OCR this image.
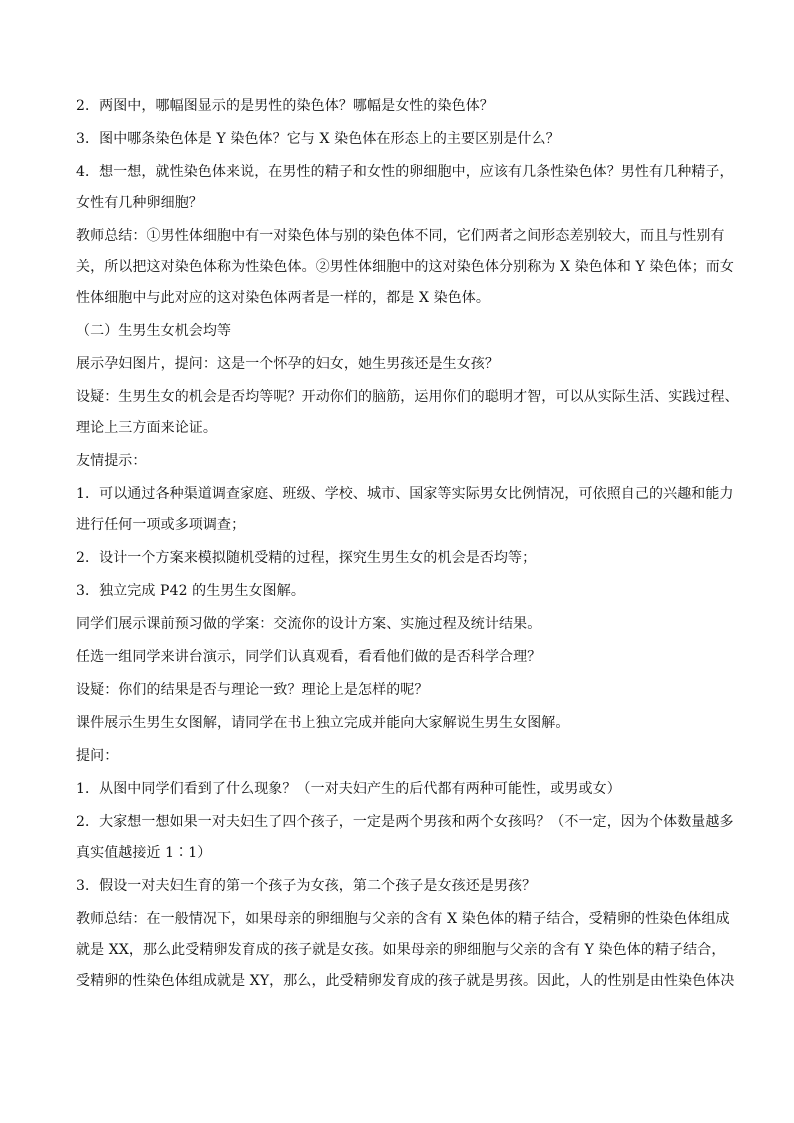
2．两图中，哪幅图显示的是男性的染色体？哪幅是女性的染色体？

3．图中哪条染色体是 Y 染色体？它与 X 染色体在形态上的主要区别是什么？

4．想一想，就性染色体来说，在男性的精子和女性的卵细胞中，应该有几条性染色体？男性有几种精子，

女性有几种卵细胞？

教师总结：①男性体细胞中有一对染色体与别的染色体不同，它们两者之间形态差别较大，而且与性别有

关，所以把这对染色体称为性染色体。②男性体细胞中的这对染色体分别称为 X 染色体和 Y 染色体；而女

性体细胞中与此对应的这对染色体两者是一样的，都是 X 染色体。

（二）生男生女机会均等

展示孕妇图片，提问：这是一个怀孕的妇女，她生男孩还是生女孩？

设疑：生男生女的机会是否均等呢？开动你们的脑筋，运用你们的聪明才智，可以从实际生活、实践过程、

理论上三方面来论证。

友情提示：

1．可以通过各种渠道调查家庭、班级、学校、城市、国家等实际男女比例情况，可依照自己的兴趣和能力

进行任何一项或多项调查；

2．设计一个方案来模拟随机受精的过程，探究生男生女的机会是否均等；

3．独立完成 P42 的生男生女图解。

同学们展示课前预习做的学案：交流你的设计方案、实施过程及统计结果。

任选一组同学来讲台演示，同学们认真观看，看看他们做的是否科学合理？

设疑：你们的结果是否与理论一致？理论上是怎样的呢？

课件展示生男生女图解，请同学在书上独立完成并能向大家解说生男生女图解。

提问：

1．从图中同学们看到了什么现象？（一对夫妇产生的后代都有两种可能性，或男或女）

2．大家想一想如果一对夫妇生了四个孩子，一定是两个男孩和两个女孩吗？（不一定，因为个体数量越多

真实值越接近 1∶1）

3．假设一对夫妇生育的第一个孩子为女孩，第二个孩子是女孩还是男孩？

教师总结：在一般情况下，如果母亲的卵细胞与父亲的含有 X 染色体的精子结合，受精卵的性染色体组成

就是 XX，那么此受精卵发育成的孩子就是女孩。如果母亲的卵细胞与父亲的含有 Y 染色体的精子结合，

受精卵的性染色体组成就是 XY，那么，此受精卵发育成的孩子就是男孩。因此，人的性别是由性染色体决
